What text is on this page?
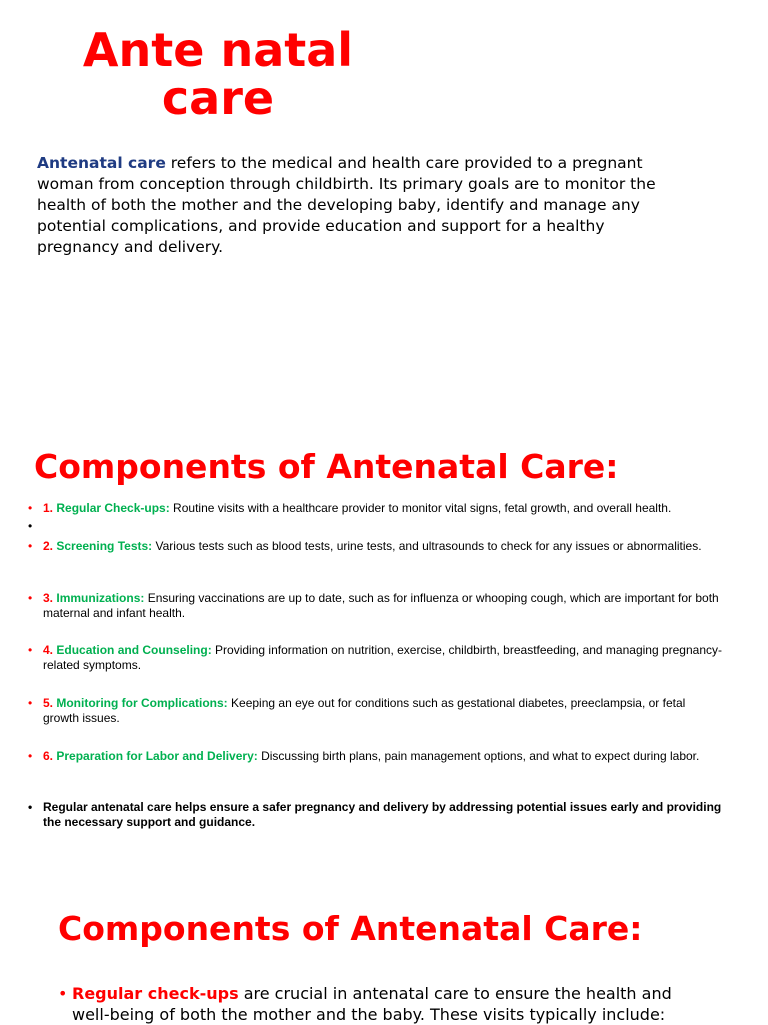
Ante natal care

Antenatal care refers to the medical and health care provided to a pregnant woman from conception through childbirth. Its primary goals are to monitor the health of both the mother and the developing baby, identify and manage any potential complications, and provide education and support for a healthy pregnancy and delivery.

Components of Antenatal Care:
• 1. Regular Check-ups: Routine visits with a healthcare provider to monitor vital signs, fetal growth, and overall health.
•
• 2. Screening Tests: Various tests such as blood tests, urine tests, and ultrasounds to check for any issues or abnormalities.
• 3. Immunizations: Ensuring vaccinations are up to date, such as for influenza or whooping cough, which are important for both maternal and infant health.
• 4. Education and Counseling: Providing information on nutrition, exercise, childbirth, breastfeeding, and managing pregnancy-related symptoms.
• 5. Monitoring for Complications: Keeping an eye out for conditions such as gestational diabetes, preeclampsia, or fetal growth issues.
• 6. Preparation for Labor and Delivery: Discussing birth plans, pain management options, and what to expect during labor.
• Regular antenatal care helps ensure a safer pregnancy and delivery by addressing potential issues early and providing the necessary support and guidance.
Components of Antenatal Care:
• Regular check-ups are crucial in antenatal care to ensure the health and well-being of both the mother and the baby. These visits typically include:
